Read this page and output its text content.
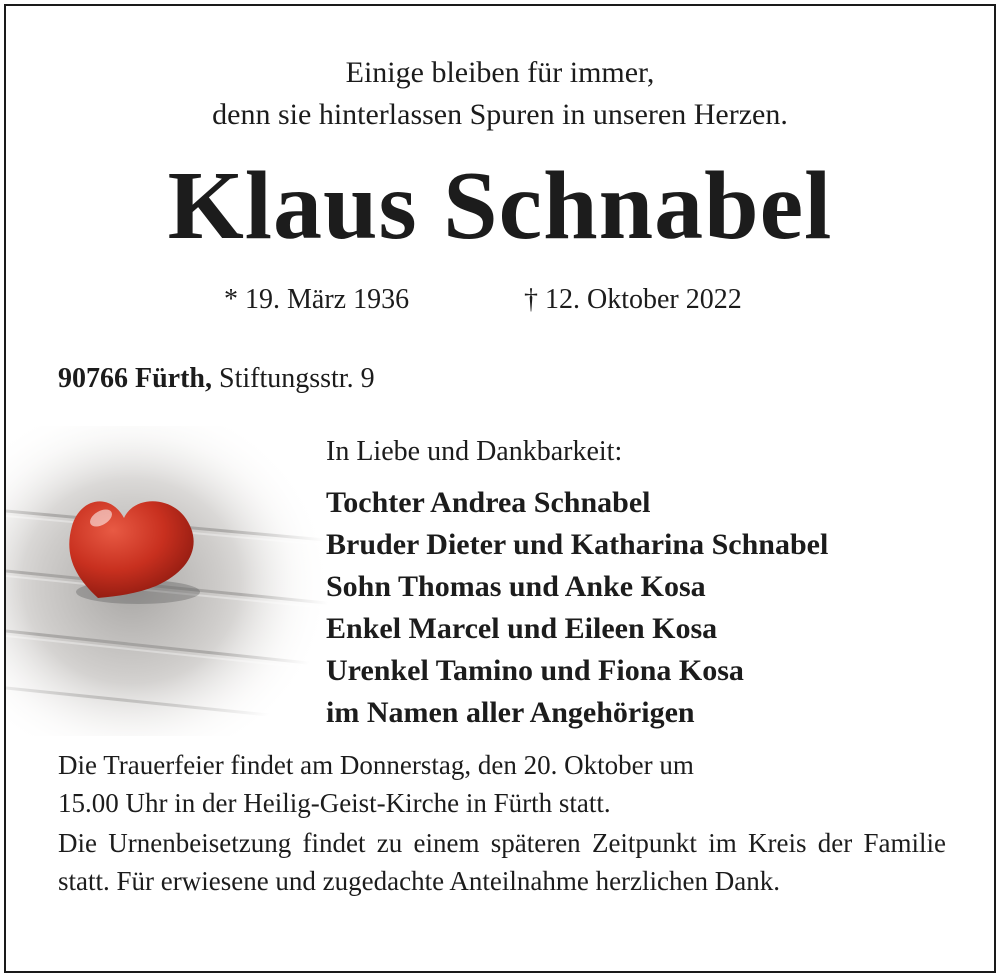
Einige bleiben für immer,
denn sie hinterlassen Spuren in unseren Herzen.
Klaus Schnabel
* 19. März 1936	† 12. Oktober 2022
90766 Fürth, Stiftungsstr. 9
In Liebe und Dankbarkeit:
Tochter Andrea Schnabel
Bruder Dieter und Katharina Schnabel
Sohn Thomas und Anke Kosa
Enkel Marcel und Eileen Kosa
Urenkel Tamino und Fiona Kosa
im Namen aller Angehörigen
Die Trauerfeier findet am Donnerstag, den 20. Oktober um
15.00 Uhr in der Heilig-Geist-Kirche in Fürth statt.
Die Urnenbeisetzung findet zu einem späteren Zeitpunkt im Kreis der Familie statt. Für erwiesene und zugedachte Anteilnahme herzlichen Dank.
